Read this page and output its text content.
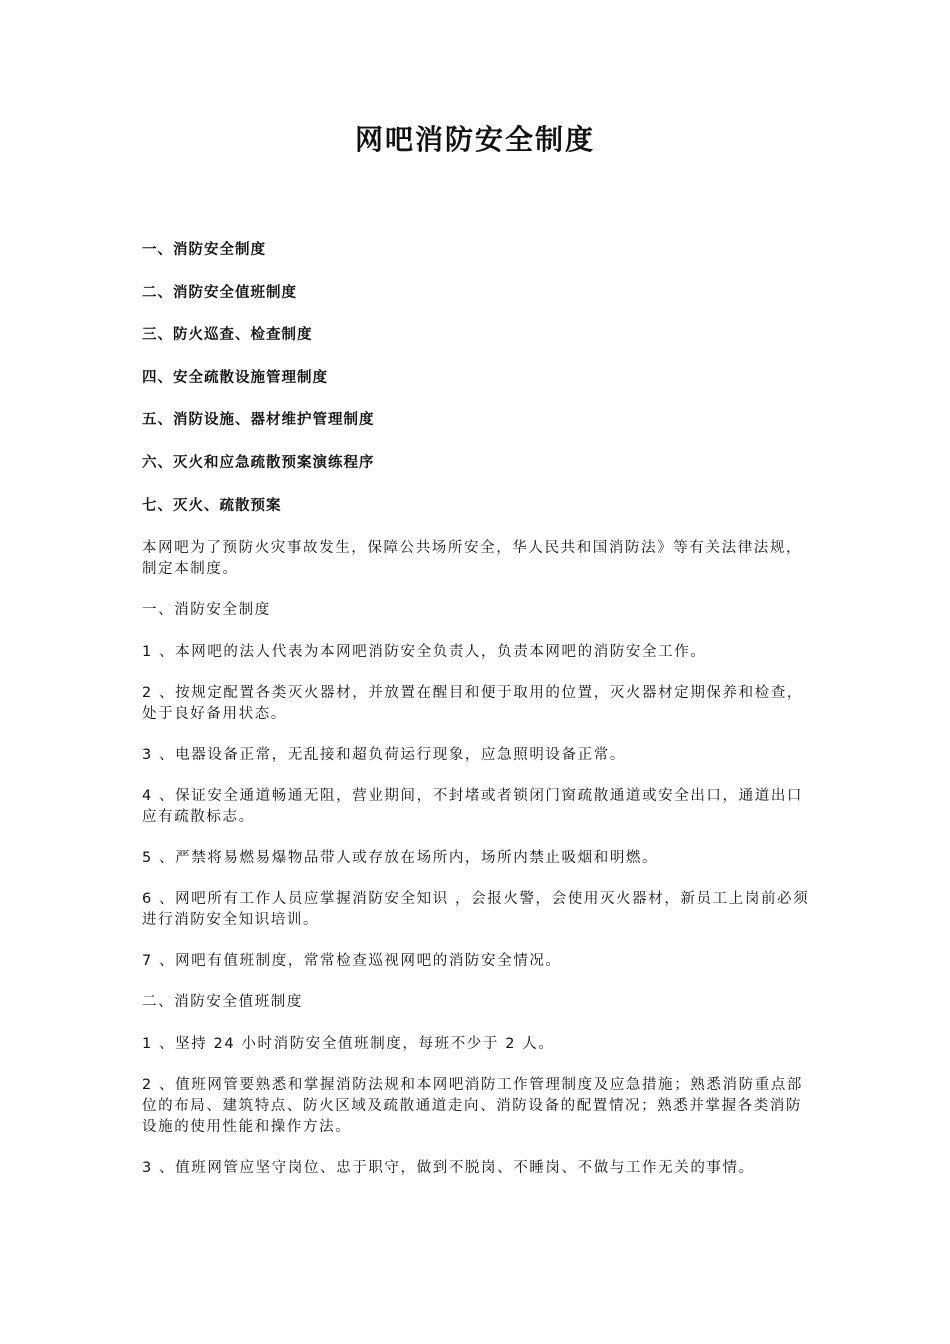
网吧消防安全制度
一、消防安全制度
二、消防安全值班制度
三、防火巡查、检查制度
四、安全疏散设施管理制度
五、消防设施、器材维护管理制度
六、灭火和应急疏散预案演练程序
七、灭火、疏散预案

本网吧为了预防火灾事故发生，保障公共场所安全，华人民共和国消防法》等有关法律法规，制定本制度。

一、消防安全制度

1 、本网吧的法人代表为本网吧消防安全负责人，负责本网吧的消防安全工作。

2 、按规定配置各类灭火器材，并放置在醒目和便于取用的位置，灭火器材定期保养和检查，处于良好备用状态。

3 、电器设备正常，无乱接和超负荷运行现象，应急照明设备正常。

4 、保证安全通道畅通无阻，营业期间，不封堵或者锁闭门窗疏散通道或安全出口，通道出口应有疏散标志。

5 、严禁将易燃易爆物品带人或存放在场所内，场所内禁止吸烟和明燃。

6 、网吧所有工作人员应掌握消防安全知识 ，会报火警，会使用灭火器材，新员工上岗前必须进行消防安全知识培训。

7 、网吧有值班制度，常常检查巡视网吧的消防安全情况。

二、消防安全值班制度

1 、坚持 24 小时消防安全值班制度，每班不少于 2 人。

2 、值班网管要熟悉和掌握消防法规和本网吧消防工作管理制度及应急措施；熟悉消防重点部位的布局、建筑特点、防火区域及疏散通道走向、消防设备的配置情况；熟悉并掌握各类消防设施的使用性能和操作方法。

3 、值班网管应坚守岗位、忠于职守，做到不脱岗、不睡岗、不做与工作无关的事情。
